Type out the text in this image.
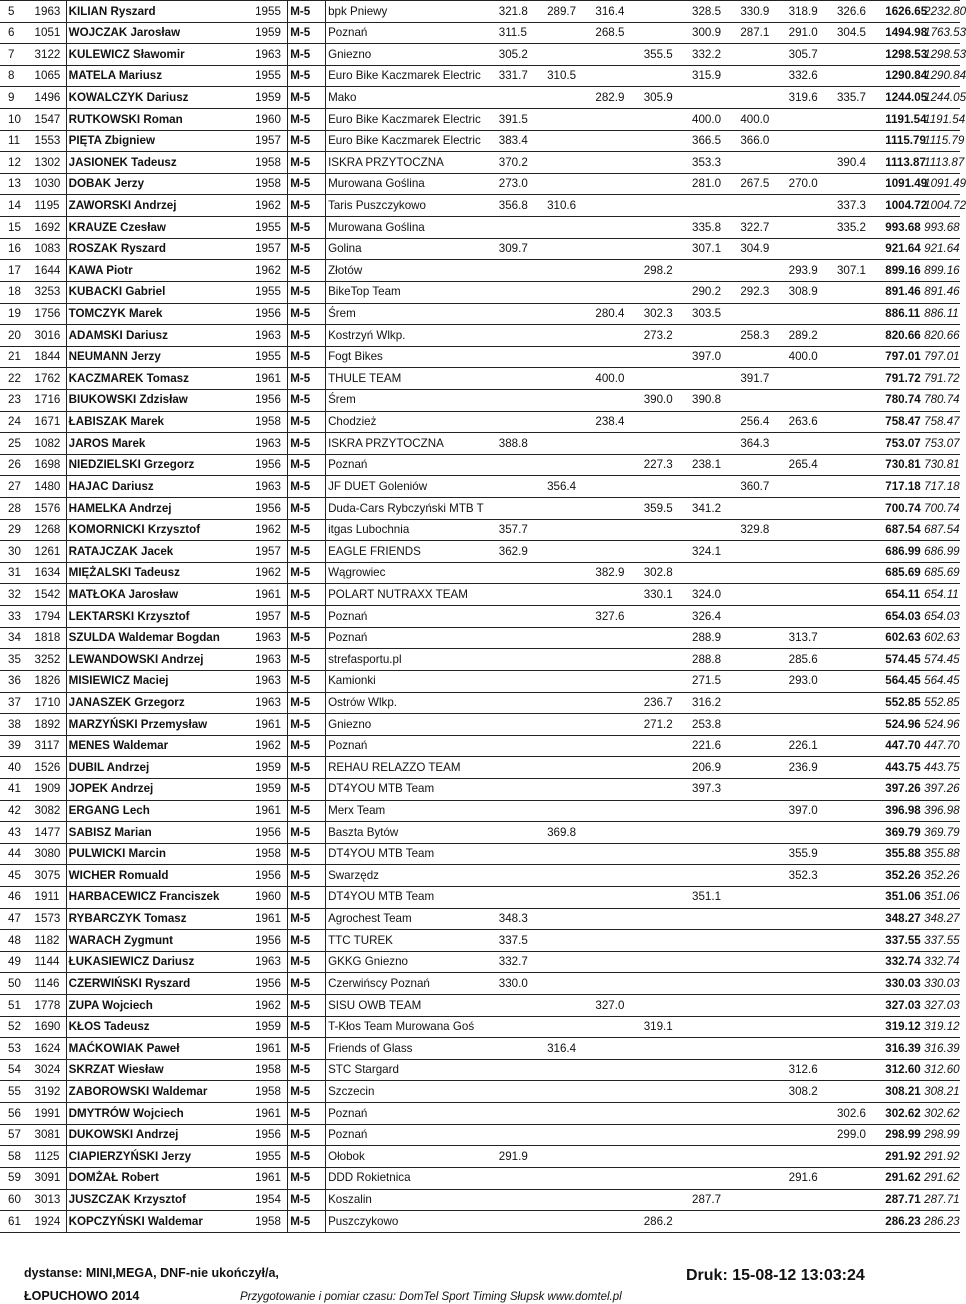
5	1963	KILIAN Ryszard	1955	M-5	bpk Pniewy	321.8	289.7	316.4		328.5	330.9	318.9	326.6	1626.65	2232.80
6	1051	WOJCZAK Jarosław	1959	M-5	Poznań	311.5		268.5		300.9	287.1	291.0	304.5	1494.98	1763.53
7	3122	KULEWICZ Sławomir	1963	M-5	Gniezno	305.2			355.5	332.2		305.7		1298.53	1298.53
8	1065	MATELA Mariusz	1955	M-5	Euro Bike Kaczmarek Electric	331.7	310.5			315.9		332.6		1290.84	1290.84
9	1496	KOWALCZYK Dariusz	1959	M-5	Mako			282.9	305.9			319.6	335.7	1244.05	1244.05
10	1547	RUTKOWSKI Roman	1960	M-5	Euro Bike Kaczmarek Electric	391.5				400.0	400.0			1191.54	1191.54
11	1553	PIĘTA Zbigniew	1957	M-5	Euro Bike Kaczmarek Electric	383.4				366.5	366.0			1115.79	1115.79
12	1302	JASIONEK Tadeusz	1958	M-5	ISKRA PRZYTOCZNA	370.2				353.3			390.4	1113.87	1113.87
13	1030	DOBAK Jerzy	1958	M-5	Murowana Goślina	273.0				281.0	267.5	270.0		1091.49	1091.49
14	1195	ZAWORSKI Andrzej	1962	M-5	Taris Puszczykowo	356.8	310.6						337.3	1004.72	1004.72
15	1692	KRAUZE Czesław	1955	M-5	Murowana Goślina					335.8	322.7		335.2	993.68	993.68
16	1083	ROSZAK Ryszard	1957	M-5	Golina	309.7				307.1	304.9			921.64	921.64
17	1644	KAWA Piotr	1962	M-5	Złotów				298.2			293.9	307.1	899.16	899.16
18	3253	KUBACKI Gabriel	1955	M-5	BikeTop Team					290.2	292.3	308.9		891.46	891.46
19	1756	TOMCZYK Marek	1956	M-5	Śrem			280.4	302.3	303.5				886.11	886.11
20	3016	ADAMSKI Dariusz	1963	M-5	Kostrzyń Wlkp.				273.2		258.3	289.2		820.66	820.66
21	1844	NEUMANN Jerzy	1955	M-5	Fogt Bikes					397.0		400.0		797.01	797.01
22	1762	KACZMAREK Tomasz	1961	M-5	THULE TEAM			400.0			391.7			791.72	791.72
23	1716	BIUKOWSKI Zdzisław	1956	M-5	Śrem				390.0	390.8				780.74	780.74
24	1671	ŁABISZAK Marek	1958	M-5	Chodzież			238.4			256.4	263.6		758.47	758.47
25	1082	JAROS Marek	1963	M-5	ISKRA PRZYTOCZNA	388.8					364.3			753.07	753.07
26	1698	NIEDZIELSKI Grzegorz	1956	M-5	Poznań				227.3	238.1		265.4		730.81	730.81
27	1480	HAJAC Dariusz	1963	M-5	JF DUET Goleniów		356.4				360.7			717.18	717.18
28	1576	HAMELKA Andrzej	1956	M-5	Duda-Cars Rybczyński MTB T				359.5	341.2				700.74	700.74
29	1268	KOMORNICKI Krzysztof	1962	M-5	itgas Lubochnia	357.7					329.8			687.54	687.54
30	1261	RATAJCZAK Jacek	1957	M-5	EAGLE FRIENDS	362.9				324.1				686.99	686.99
31	1634	MIĘŻALSKI Tadeusz	1962	M-5	Wągrowiec			382.9	302.8					685.69	685.69
32	1542	MATŁOKA Jarosław	1961	M-5	POLART NUTRAXX TEAM				330.1	324.0				654.11	654.11
33	1794	LEKTARSKI Krzysztof	1957	M-5	Poznań			327.6		326.4				654.03	654.03
34	1818	SZULDA Waldemar Bogdan	1963	M-5	Poznań					288.9		313.7		602.63	602.63
35	3252	LEWANDOWSKI Andrzej	1963	M-5	strefasportu.pl					288.8		285.6		574.45	574.45
36	1826	MISIEWICZ Maciej	1963	M-5	Kamionki					271.5		293.0		564.45	564.45
37	1710	JANASZEK Grzegorz	1963	M-5	Ostrów Wlkp.				236.7	316.2				552.85	552.85
38	1892	MARZYŃSKI Przemysław	1961	M-5	Gniezno				271.2	253.8				524.96	524.96
39	3117	MENES Waldemar	1962	M-5	Poznań					221.6		226.1		447.70	447.70
40	1526	DUBIL Andrzej	1959	M-5	REHAU RELAZZO TEAM					206.9		236.9		443.75	443.75
41	1909	JOPEK Andrzej	1959	M-5	DT4YOU MTB Team					397.3				397.26	397.26
42	3082	ERGANG Lech	1961	M-5	Merx Team							397.0		396.98	396.98
43	1477	SABISZ Marian	1956	M-5	Baszta Bytów		369.8							369.79	369.79
44	3080	PULWICKI Marcin	1958	M-5	DT4YOU MTB Team							355.9		355.88	355.88
45	3075	WICHER Romuald	1956	M-5	Swarzędz							352.3		352.26	352.26
46	1911	HARBACEWICZ Franciszek	1960	M-5	DT4YOU MTB Team					351.1				351.06	351.06
47	1573	RYBARCZYK Tomasz	1961	M-5	Agrochest Team	348.3								348.27	348.27
48	1182	WARACH Zygmunt	1956	M-5	TTC TUREK	337.5								337.55	337.55
49	1144	ŁUKASIEWICZ Dariusz	1963	M-5	GKKG Gniezno	332.7								332.74	332.74
50	1146	CZERWIŃSKI Ryszard	1956	M-5	Czerwińscy Poznań	330.0								330.03	330.03
51	1778	ZUPA Wojciech	1962	M-5	SISU OWB TEAM			327.0						327.03	327.03
52	1690	KŁOS Tadeusz	1959	M-5	T-Kłos Team Murowana Goś				319.1					319.12	319.12
53	1624	MAĆKOWIAK Paweł	1961	M-5	Friends of Glass		316.4							316.39	316.39
54	3024	SKRZAT Wiesław	1958	M-5	STC Stargard							312.6		312.60	312.60
55	3192	ZABOROWSKI Waldemar	1958	M-5	Szczecin							308.2		308.21	308.21
56	1991	DMYTRÓW Wojciech	1961	M-5	Poznań								302.6	302.62	302.62
57	3081	DUKOWSKI Andrzej	1956	M-5	Poznań								299.0	298.99	298.99
58	1125	CIAPIERZYŃSKI Jerzy	1955	M-5	Ołobok	291.9								291.92	291.92
59	3091	DOMŻAŁ Robert	1961	M-5	DDD Rokietnica							291.6		291.62	291.62
60	3013	JUSZCZAK Krzysztof	1954	M-5	Koszalin					287.7				287.71	287.71
61	1924	KOPCZYŃSKI Waldemar	1958	M-5	Puszczykowo				286.2					286.23	286.23
dystanse: MINI,MEGA, DNF-nie ukończył/a,
ŁOPUCHOWO 2014	Przygotowanie i pomiar czasu: DomTel Sport Timing Słupsk www.domtel.pl
Druk: 15-08-12 13:03:24
